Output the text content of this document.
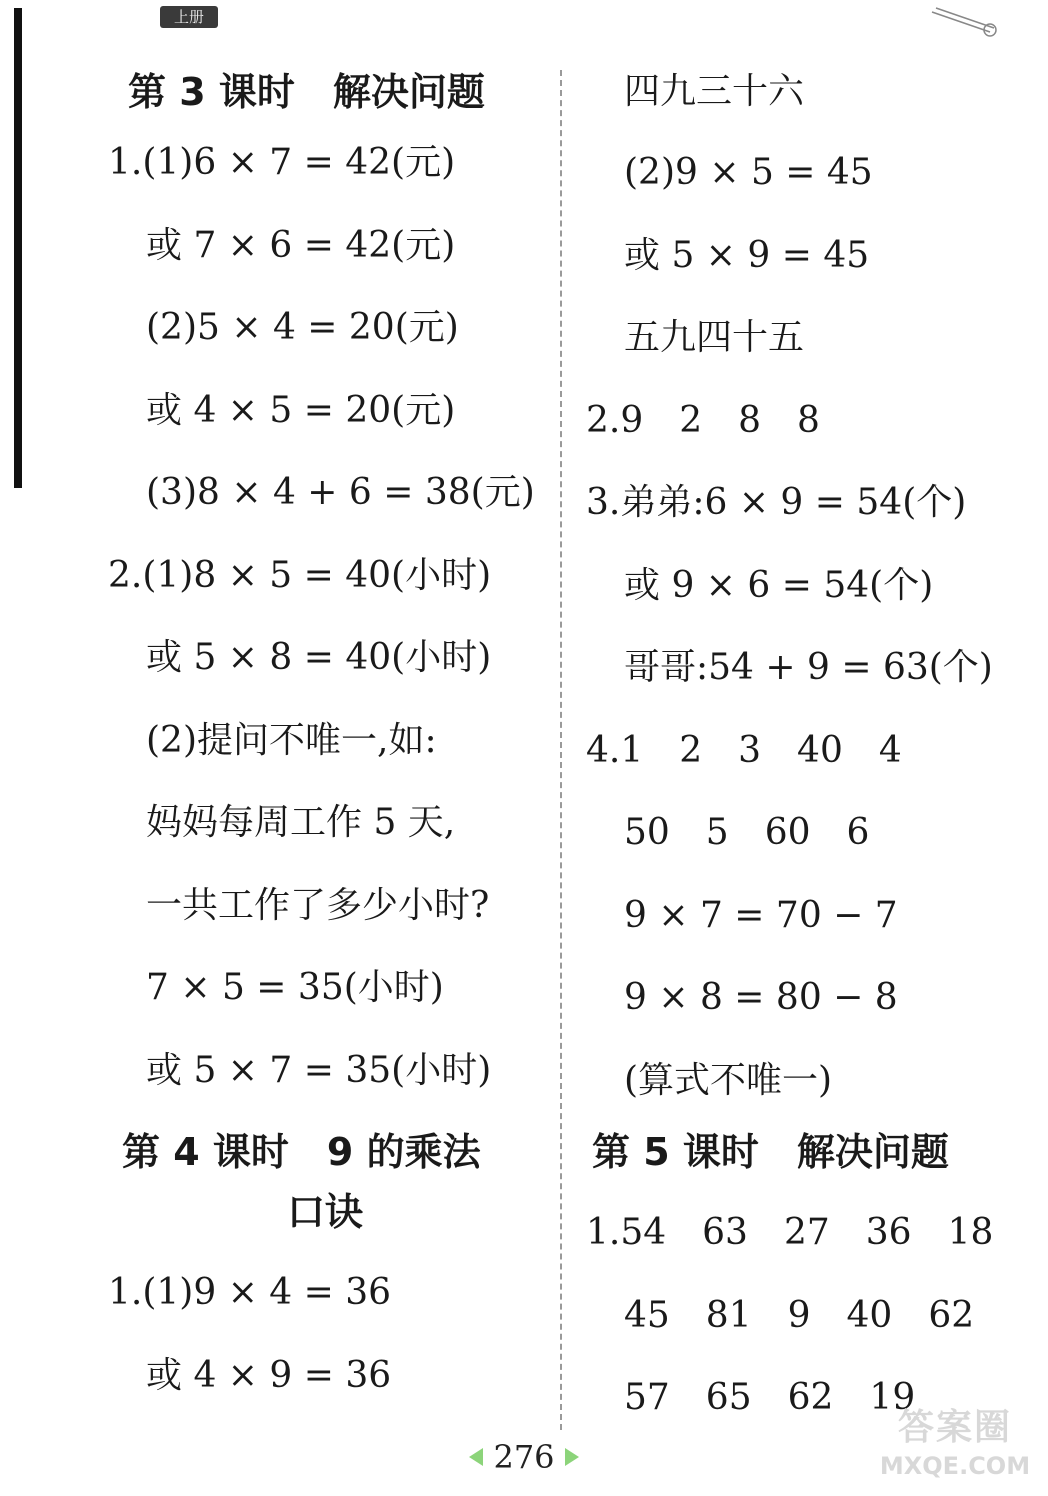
上册
第 3 课时　解决问题
1.(1)6 × 7 = 42(元)
或 7 × 6 = 42(元)
(2)5 × 4 = 20(元)
或 4 × 5 = 20(元)
(3)8 × 4 + 6 = 38(元)
2.(1)8 × 5 = 40(小时)
或 5 × 8 = 40(小时)
(2)提问不唯一,如:
妈妈每周工作 5 天,
一共工作了多少小时?
7 × 5 = 35(小时)
或 5 × 7 = 35(小时)
第 4 课时　9 的乘法
口诀
1.(1)9 × 4 = 36
或 4 × 9 = 36
四九三十六
(2)9 × 5 = 45
或 5 × 9 = 45
五九四十五
2.9　2　8　8
3.弟弟:6 × 9 = 54(个)
或 9 × 6 = 54(个)
哥哥:54 + 9 = 63(个)
4.1　2　3　40　4
50　5　60　6
9 × 7 = 70 − 7
9 × 8 = 80 − 8
(算式不唯一)
第 5 课时　解决问题
1.54　63　27　36　18
45　81　9　40　62
57　65　62　19
276
答案圈
MXQE.COM
